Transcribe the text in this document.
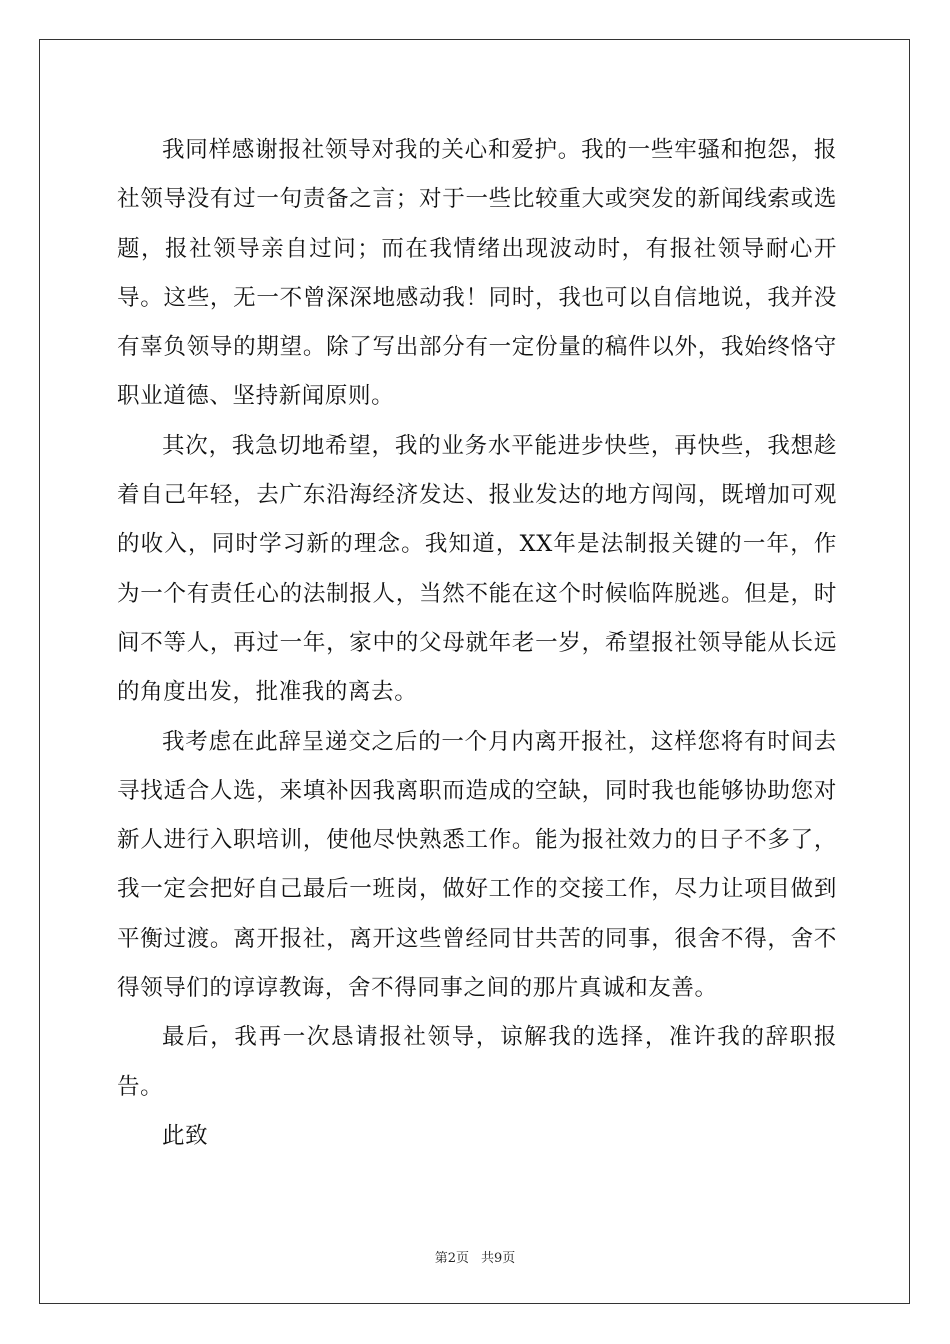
我同样感谢报社领导对我的关心和爱护。我的一些牢骚和抱怨，报社领导没有过一句责备之言；对于一些比较重大或突发的新闻线索或选题，报社领导亲自过问；而在我情绪出现波动时，有报社领导耐心开导。这些，无一不曾深深地感动我！同时，我也可以自信地说，我并没有辜负领导的期望。除了写出部分有一定份量的稿件以外，我始终恪守职业道德、坚持新闻原则。

其次，我急切地希望，我的业务水平能进步快些，再快些，我想趁着自己年轻，去广东沿海经济发达、报业发达的地方闯闯，既增加可观的收入，同时学习新的理念。我知道，XX年是法制报关键的一年，作为一个有责任心的法制报人，当然不能在这个时候临阵脱逃。但是，时间不等人，再过一年，家中的父母就年老一岁，希望报社领导能从长远的角度出发，批准我的离去。

我考虑在此辞呈递交之后的一个月内离开报社，这样您将有时间去寻找适合人选，来填补因我离职而造成的空缺，同时我也能够协助您对新人进行入职培训，使他尽快熟悉工作。能为报社效力的日子不多了，我一定会把好自己最后一班岗，做好工作的交接工作，尽力让项目做到平衡过渡。离开报社，离开这些曾经同甘共苦的同事，很舍不得，舍不得领导们的谆谆教诲，舍不得同事之间的那片真诚和友善。

最后，我再一次恳请报社领导，谅解我的选择，准许我的辞职报告。

此致

第2页 共9页
